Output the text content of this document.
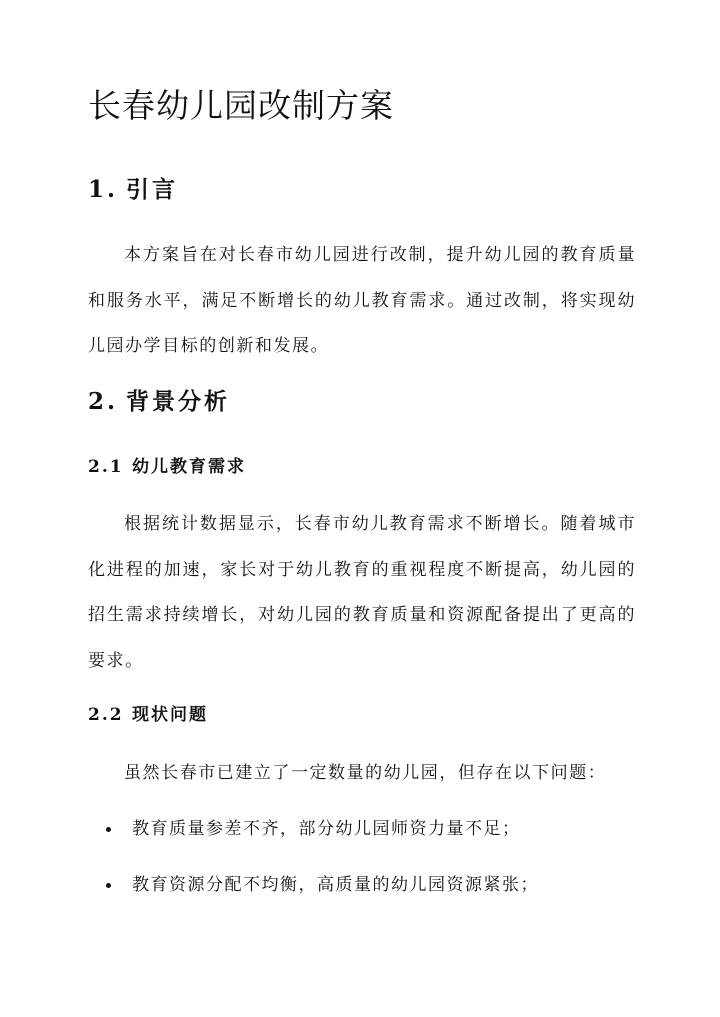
长春幼儿园改制方案
1. 引言

本方案旨在对长春市幼儿园进行改制，提升幼儿园的教育质量和服务水平，满足不断增长的幼儿教育需求。通过改制，将实现幼儿园办学目标的创新和发展。

2. 背景分析
2.1 幼儿教育需求

根据统计数据显示，长春市幼儿教育需求不断增长。随着城市化进程的加速，家长对于幼儿教育的重视程度不断提高，幼儿园的招生需求持续增长，对幼儿园的教育质量和资源配备提出了更高的要求。

2.2 现状问题

虽然长春市已建立了一定数量的幼儿园，但存在以下问题：

教育质量参差不齐，部分幼儿园师资力量不足；
教育资源分配不均衡，高质量的幼儿园资源紧张；
